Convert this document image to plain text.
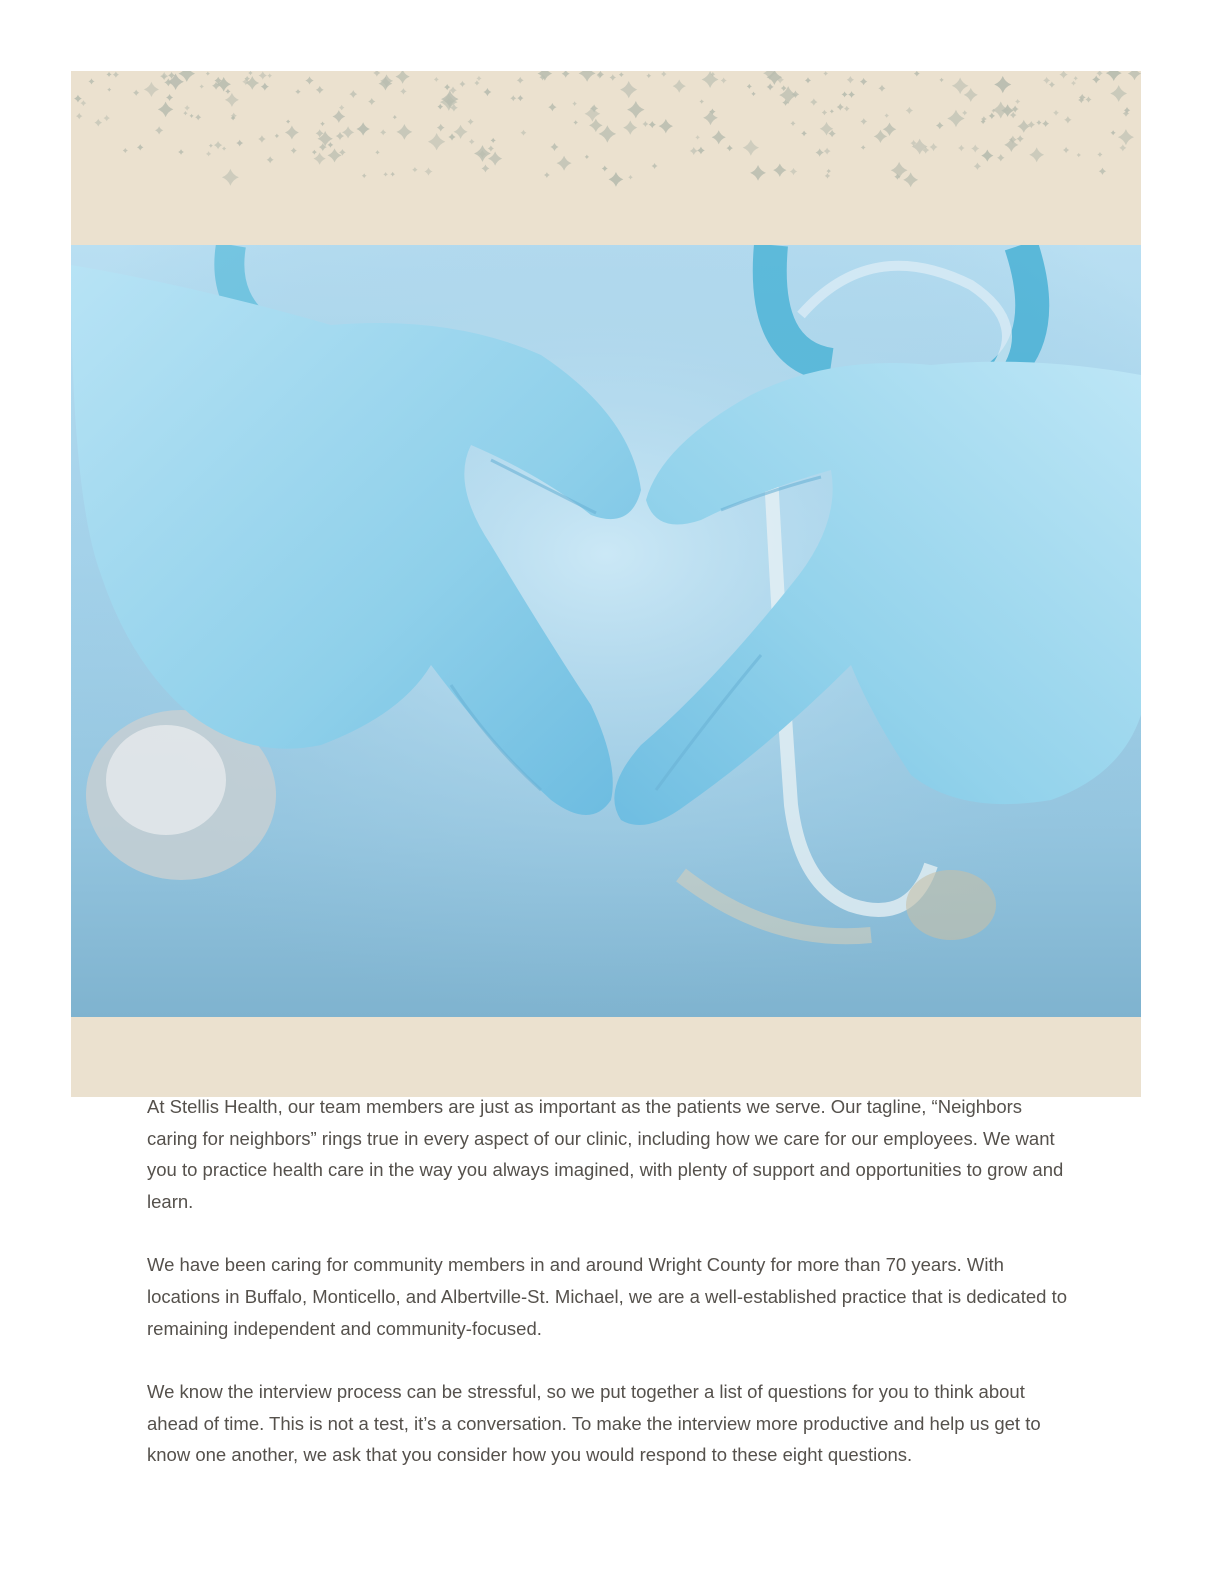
At Stellis Health, our team members are just as important as the patients we serve. Our tagline, “Neighbors caring for neighbors” rings true in every aspect of our clinic, including how we care for our employees. We want you to practice health care in the way you always imagined, with plenty of support and opportunities to grow and learn.

We have been caring for community members in and around Wright County for more than 70 years. With locations in Buffalo, Monticello, and Albertville-St. Michael, we are a well-established practice that is dedicated to remaining independent and community-focused.

We know the interview process can be stressful, so we put together a list of questions for you to think about ahead of time. This is not a test, it’s a conversation. To make the interview more productive and help us get to know one another, we ask that you consider how you would respond to these eight questions.
